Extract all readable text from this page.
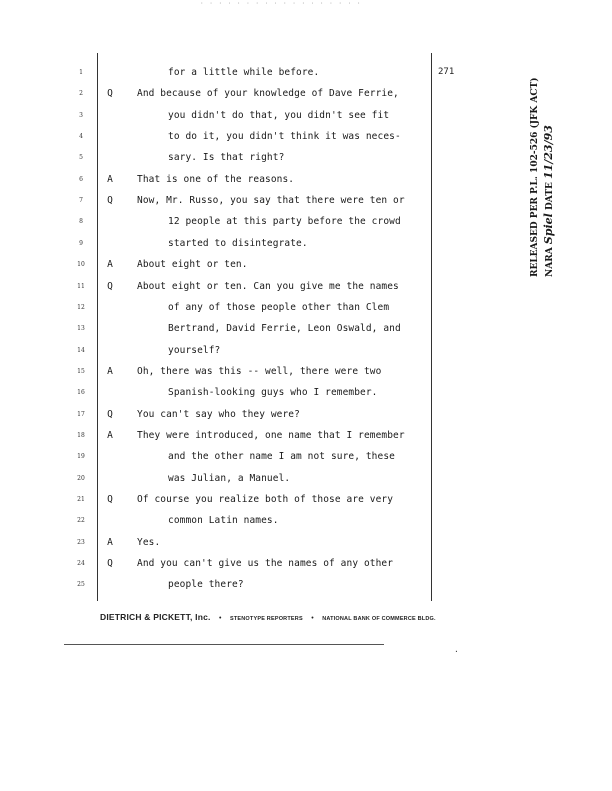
· · · · · · · · · · · · · · · · · ·
271
1	for a little while before.
2	Q	And because of your knowledge of Dave Ferrie,
3	you didn't do that, you didn't see fit
4	to do it, you didn't think it was neces-
5	sary. Is that right?
6	A	That is one of the reasons.
7	Q	Now, Mr. Russo, you say that there were ten or
8	12 people at this party before the crowd
9	started to disintegrate.
10	A	About eight or ten.
11	Q	About eight or ten. Can you give me the names
12	of any of those people other than Clem
13	Bertrand, David Ferrie, Leon Oswald, and
14	yourself?
15	A	Oh, there was this -- well, there were two
16	Spanish-looking guys who I remember.
17	Q	You can't say who they were?
18	A	They were introduced, one name that I remember
19	and the other name I am not sure, these
20	was Julian, a Manuel.
21	Q	Of course you realize both of those are very
22	common Latin names.
23	A	Yes.
24	Q	And you can't give us the names of any other
25	people there?
DIETRICH & PICKETT, Inc. • STENOTYPE REPORTERS • NATIONAL BANK OF COMMERCE BLDG.
·
RELEASED PER P.L. 102-526 (JFK ACT) NARA Spiel DATE 11/23/93
